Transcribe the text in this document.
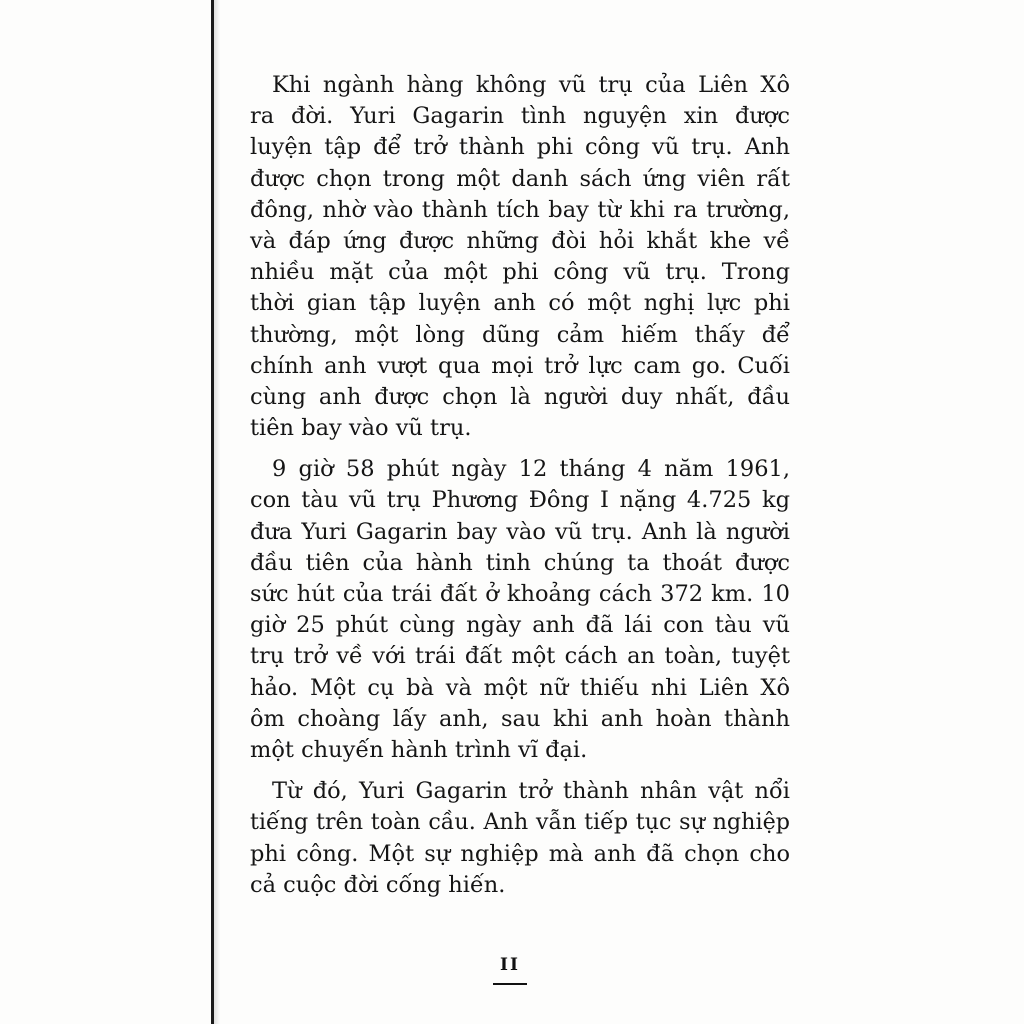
Khi ngành hàng không vũ trụ của Liên Xô
ra đời. Yuri Gagarin tình nguyện xin được
luyện tập để trở thành phi công vũ trụ. Anh
được chọn trong một danh sách ứng viên rất
đông, nhờ vào thành tích bay từ khi ra trường,
và đáp ứng được những đòi hỏi khắt khe về
nhiều mặt của một phi công vũ trụ. Trong
thời gian tập luyện anh có một nghị lực phi
thường, một lòng dũng cảm hiếm thấy để
chính anh vượt qua mọi trở lực cam go. Cuối
cùng anh được chọn là người duy nhất, đầu
tiên bay vào vũ trụ.

9 giờ 58 phút ngày 12 tháng 4 năm 1961,
con tàu vũ trụ Phương Đông I nặng 4.725 kg
đưa Yuri Gagarin bay vào vũ trụ. Anh là người
đầu tiên của hành tinh chúng ta thoát được
sức hút của trái đất ở khoảng cách 372 km. 10
giờ 25 phút cùng ngày anh đã lái con tàu vũ
trụ trở về với trái đất một cách an toàn, tuyệt
hảo. Một cụ bà và một nữ thiếu nhi Liên Xô
ôm choàng lấy anh, sau khi anh hoàn thành
một chuyến hành trình vĩ đại.

Từ đó, Yuri Gagarin trở thành nhân vật nổi
tiếng trên toàn cầu. Anh vẫn tiếp tục sự nghiệp
phi công. Một sự nghiệp mà anh đã chọn cho
cả cuộc đời cống hiến.

II
